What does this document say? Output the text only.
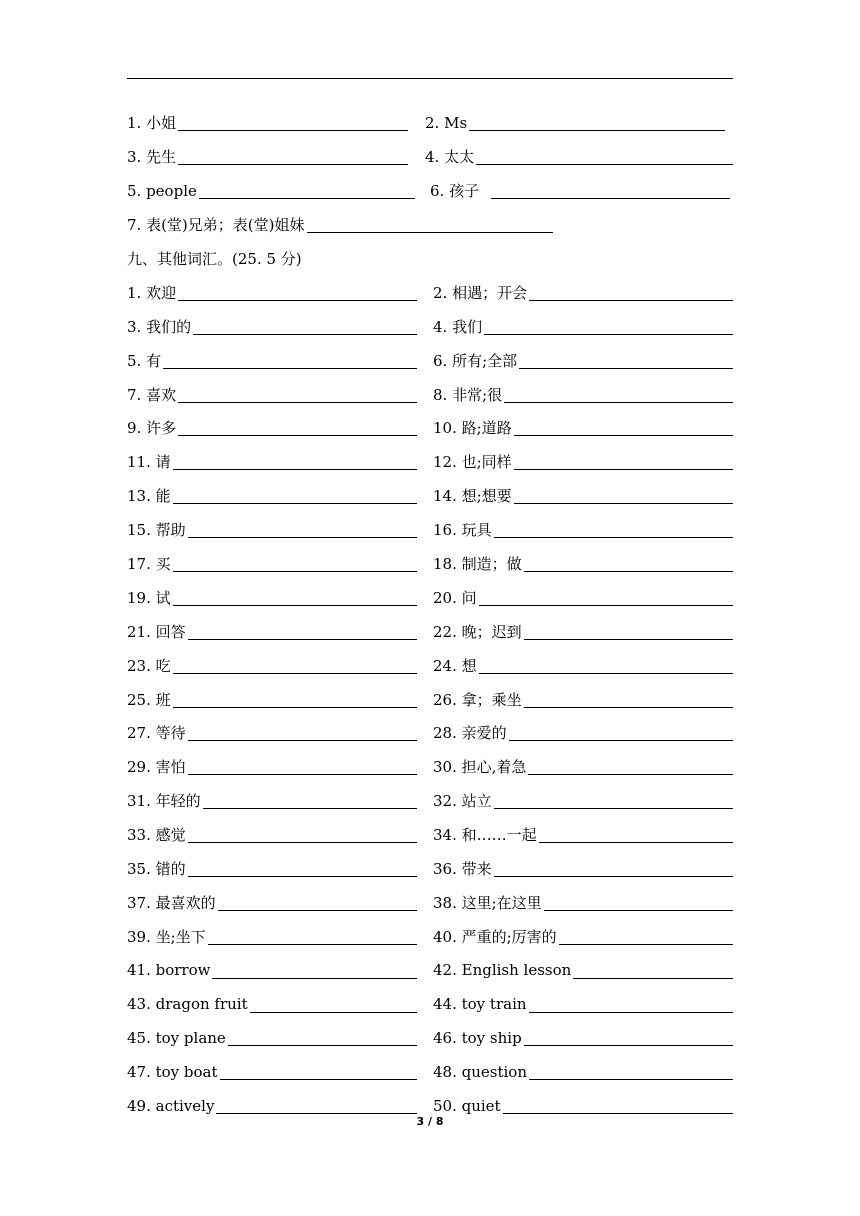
1. 小姐	2. Ms
3. 先生	4. 太太
5. people	6. 孩子
7. 表(堂)兄弟；表(堂)姐妹
九、其他词汇。(25. 5 分)
1. 欢迎	2. 相遇；开会
3. 我们的	4. 我们
5. 有	6. 所有;全部
7. 喜欢	8. 非常;很
9. 许多	10. 路;道路
11. 请	12. 也;同样
13. 能	14. 想;想要
15. 帮助	16. 玩具
17. 买	18. 制造；做
19. 试	20. 问
21. 回答	22. 晚；迟到
23. 吃	24. 想
25. 班	26. 拿；乘坐
27. 等待	28. 亲爱的
29. 害怕	30. 担心,着急
31. 年轻的	32. 站立
33. 感觉	34. 和……一起
35. 错的	36. 带来
37. 最喜欢的	38. 这里;在这里
39. 坐;坐下	40. 严重的;厉害的
41. borrow	42. English lesson
43. dragon fruit	44. toy train
45. toy plane	46. toy ship
47. toy boat	48. question
49. actively	50. quiet
3 / 8
